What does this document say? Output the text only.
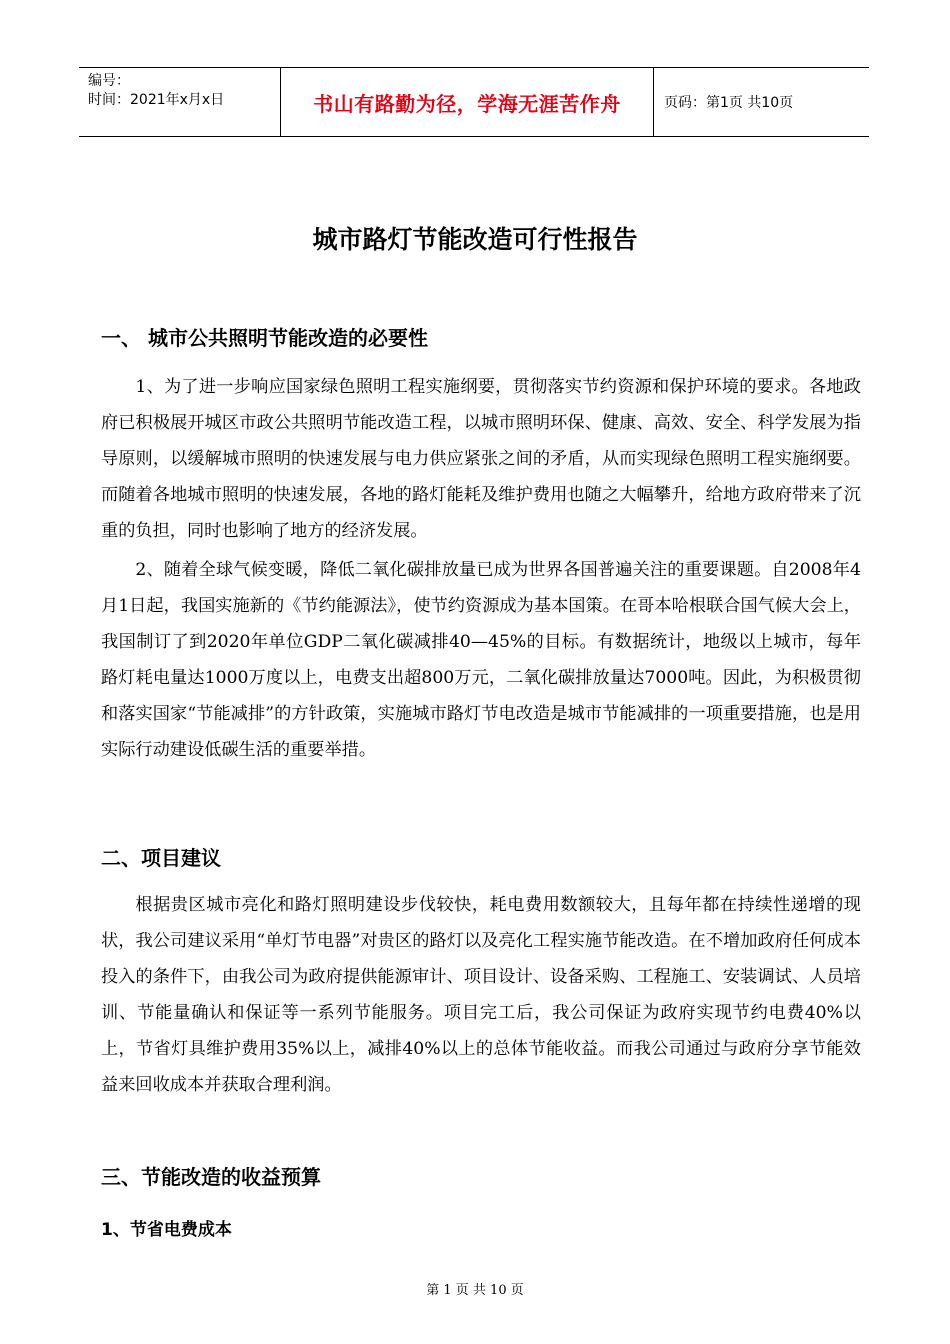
编号：
时间：2021年x月x日	书山有路勤为径，学海无涯苦作舟	页码：第1页 共10页
城市路灯节能改造可行性报告
一、 城市公共照明节能改造的必要性

1、为了进一步响应国家绿色照明工程实施纲要，贯彻落实节约资源和保护环境的要求。各地政府已积极展开城区市政公共照明节能改造工程，以城市照明环保、健康、高效、安全、科学发展为指导原则，以缓解城市照明的快速发展与电力供应紧张之间的矛盾，从而实现绿色照明工程实施纲要。而随着各地城市照明的快速发展，各地的路灯能耗及维护费用也随之大幅攀升，给地方政府带来了沉重的负担，同时也影响了地方的经济发展。

2、随着全球气候变暖，降低二氧化碳排放量已成为世界各国普遍关注的重要课题。自2008年4月1日起，我国实施新的《节约能源法》，使节约资源成为基本国策。在哥本哈根联合国气候大会上，我国制订了到2020年单位GDP二氧化碳减排40—45%的目标。有数据统计，地级以上城市，每年路灯耗电量达1000万度以上，电费支出超800万元，二氧化碳排放量达7000吨。因此，为积极贯彻和落实国家“节能减排”的方针政策，实施城市路灯节电改造是城市节能减排的一项重要措施，也是用实际行动建设低碳生活的重要举措。

二、项目建议

根据贵区城市亮化和路灯照明建设步伐较快，耗电费用数额较大，且每年都在持续性递增的现状，我公司建议采用“单灯节电器”对贵区的路灯以及亮化工程实施节能改造。在不增加政府任何成本投入的条件下，由我公司为政府提供能源审计、项目设计、设备采购、工程施工、安装调试、人员培训、节能量确认和保证等一系列节能服务。项目完工后，我公司保证为政府实现节约电费40%以上，节省灯具维护费用35%以上，减排40%以上的总体节能收益。而我公司通过与政府分享节能效益来回收成本并获取合理利润。

三、节能改造的收益预算
1、节省电费成本
第 1 页 共 10 页
